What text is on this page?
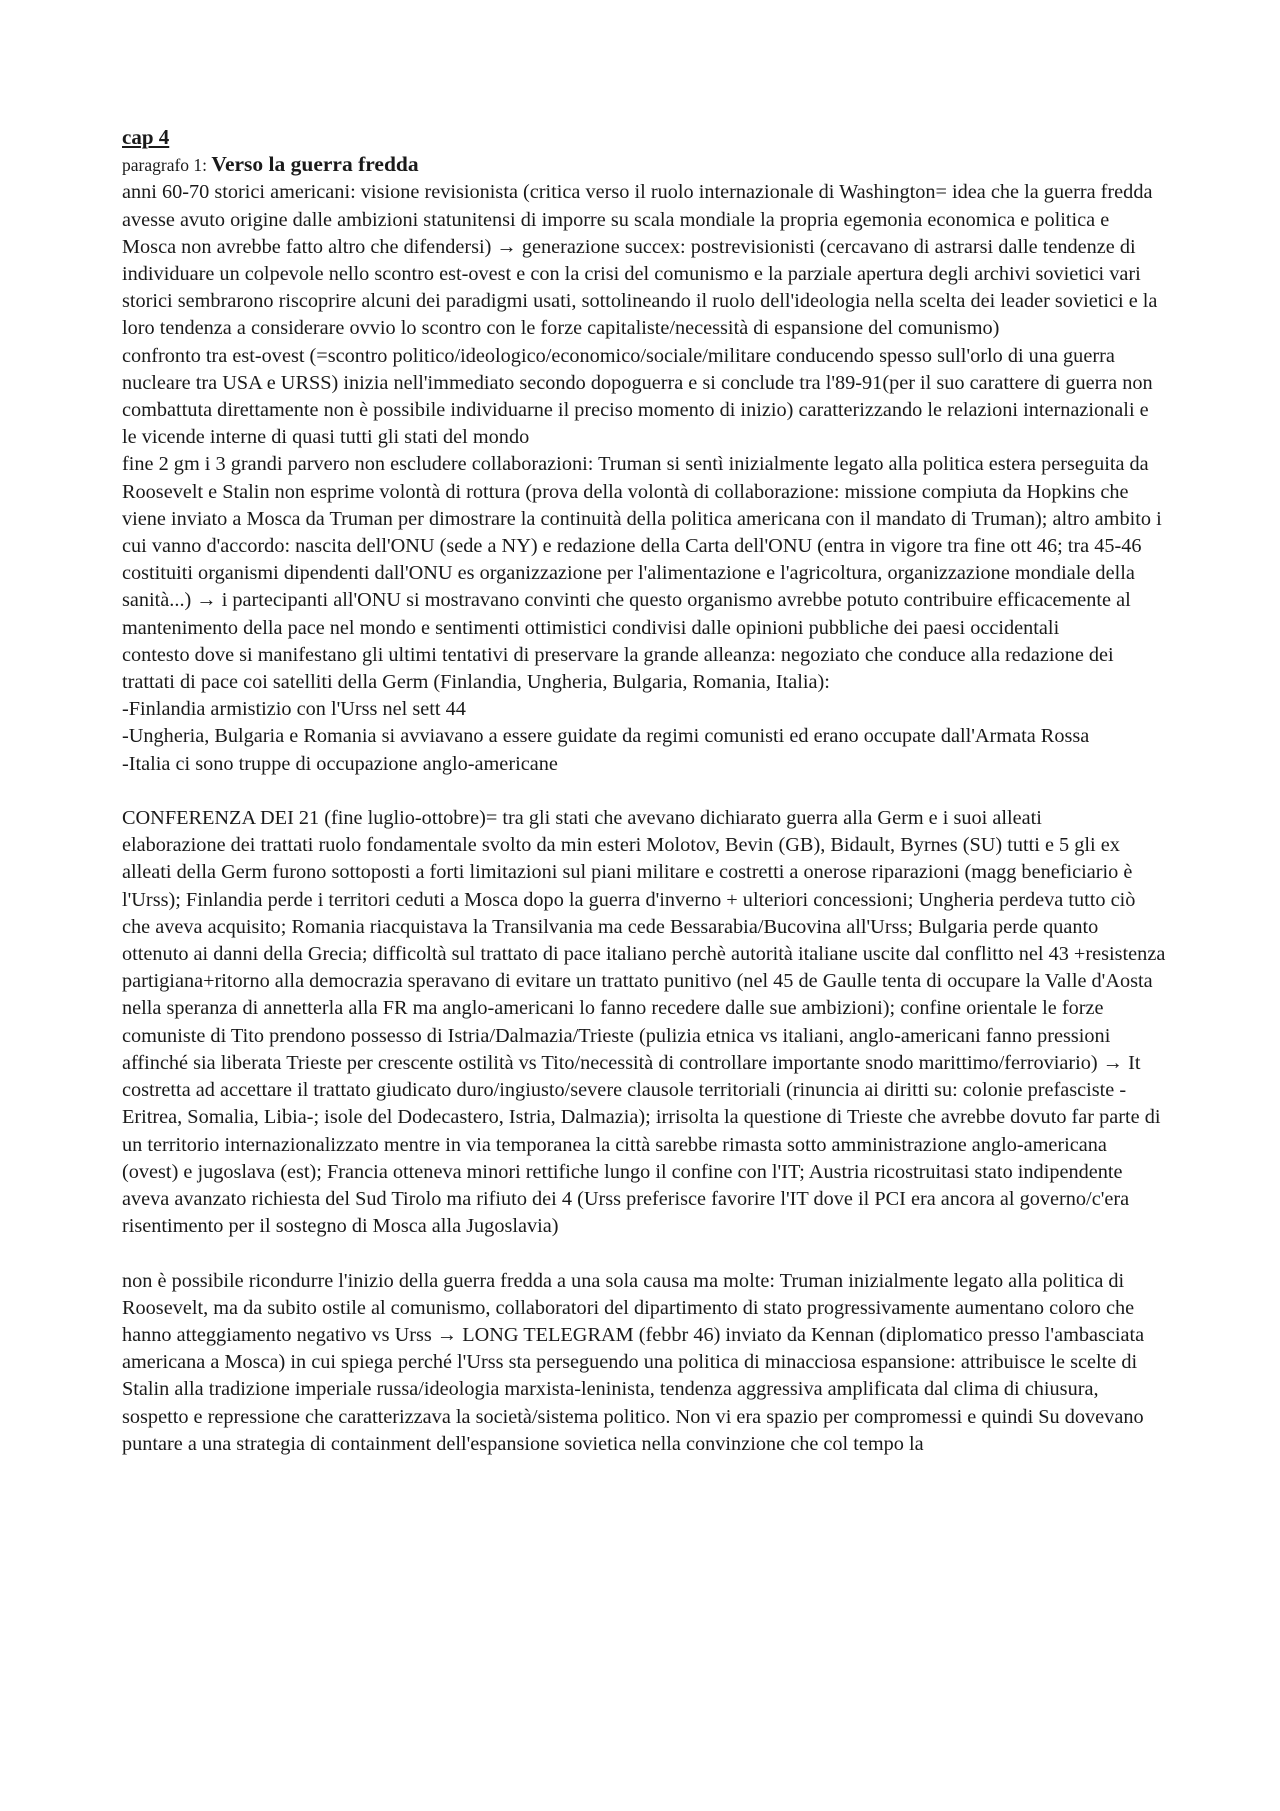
cap 4
paragrafo 1: Verso la guerra fredda

anni 60-70 storici americani: visione revisionista (critica verso il ruolo internazionale di Washington= idea che la guerra fredda avesse avuto origine dalle ambizioni statunitensi di imporre su scala mondiale la propria egemonia economica e politica e Mosca non avrebbe fatto altro che difendersi) → generazione succex: postrevisionisti (cercavano di astrarsi dalle tendenze di individuare un colpevole nello scontro est-ovest e con la crisi del comunismo e la parziale apertura degli archivi sovietici vari storici sembrarono riscoprire alcuni dei paradigmi usati, sottolineando il ruolo dell'ideologia nella scelta dei leader sovietici e la loro tendenza a considerare ovvio lo scontro con le forze capitaliste/necessità di espansione del comunismo)
confronto tra est-ovest (=scontro politico/ideologico/economico/sociale/militare conducendo spesso sull'orlo di una guerra nucleare tra USA e URSS) inizia nell'immediato secondo dopoguerra e si conclude tra l'89-91(per il suo carattere di guerra non combattuta direttamente non è possibile individuarne il preciso momento di inizio) caratterizzando le relazioni internazionali e le vicende interne di quasi tutti gli stati del mondo
fine 2 gm i 3 grandi parvero non escludere collaborazioni: Truman si sentì inizialmente legato alla politica estera perseguita da Roosevelt e Stalin non esprime volontà di rottura (prova della volontà di collaborazione: missione compiuta da Hopkins che viene inviato a Mosca da Truman per dimostrare la continuità della politica americana con il mandato di Truman); altro ambito i cui vanno d'accordo: nascita dell'ONU (sede a NY) e redazione della Carta dell'ONU (entra in vigore tra fine ott 46; tra 45-46 costituiti organismi dipendenti dall'ONU es organizzazione per l'alimentazione e l'agricoltura, organizzazione mondiale della sanità...) → i partecipanti all'ONU si mostravano convinti che questo organismo avrebbe potuto contribuire efficacemente al mantenimento della pace nel mondo e sentimenti ottimistici condivisi dalle opinioni pubbliche dei paesi occidentali
contesto dove si manifestano gli ultimi tentativi di preservare la grande alleanza: negoziato che conduce alla redazione dei trattati di pace coi satelliti della Germ (Finlandia, Ungheria, Bulgaria, Romania, Italia):
-Finlandia armistizio con l'Urss nel sett 44
-Ungheria, Bulgaria e Romania si avviavano a essere guidate da regimi comunisti ed erano occupate dall'Armata Rossa
-Italia ci sono truppe di occupazione anglo-americane

CONFERENZA DEI 21 (fine luglio-ottobre)= tra gli stati che avevano dichiarato guerra alla Germ e i suoi alleati
elaborazione dei trattati ruolo fondamentale svolto da min esteri Molotov, Bevin (GB), Bidault, Byrnes (SU) tutti e 5 gli ex alleati della Germ furono sottoposti a forti limitazioni sul piani militare e costretti a onerose riparazioni (magg beneficiario è l'Urss); Finlandia perde i territori ceduti a Mosca dopo la guerra d'inverno + ulteriori concessioni; Ungheria perdeva tutto ciò che aveva acquisito; Romania riacquistava la Transilvania ma cede Bessarabia/Bucovina all'Urss; Bulgaria perde quanto ottenuto ai danni della Grecia; difficoltà sul trattato di pace italiano perchè autorità italiane uscite dal conflitto nel 43 +resistenza partigiana+ritorno alla democrazia speravano di evitare un trattato punitivo (nel 45 de Gaulle tenta di occupare la Valle d'Aosta nella speranza di annetterla alla FR ma anglo-americani lo fanno recedere dalle sue ambizioni); confine orientale le forze comuniste di Tito prendono possesso di Istria/Dalmazia/Trieste (pulizia etnica vs italiani, anglo-americani fanno pressioni affinché sia liberata Trieste per crescente ostilità vs Tito/necessità di controllare importante snodo marittimo/ferroviario) → It costretta ad accettare il trattato giudicato duro/ingiusto/severe clausole territoriali (rinuncia ai diritti su: colonie prefasciste -Eritrea, Somalia, Libia-; isole del Dodecastero, Istria, Dalmazia); irrisolta la questione di Trieste che avrebbe dovuto far parte di un territorio internazionalizzato mentre in via temporanea la città sarebbe rimasta sotto amministrazione anglo-americana (ovest) e jugoslava (est); Francia otteneva minori rettifiche lungo il confine con l'IT; Austria ricostruitasi stato indipendente aveva avanzato richiesta del Sud Tirolo ma rifiuto dei 4 (Urss preferisce favorire l'IT dove il PCI era ancora al governo/c'era risentimento per il sostegno di Mosca alla Jugoslavia)

non è possibile ricondurre l'inizio della guerra fredda a una sola causa ma molte: Truman inizialmente legato alla politica di Roosevelt, ma da subito ostile al comunismo, collaboratori del dipartimento di stato progressivamente aumentano coloro che hanno atteggiamento negativo vs Urss → LONG TELEGRAM (febbr 46) inviato da Kennan (diplomatico presso l'ambasciata americana a Mosca) in cui spiega perché l'Urss sta perseguendo una politica di minacciosa espansione: attribuisce le scelte di Stalin alla tradizione imperiale russa/ideologia marxista-leninista, tendenza aggressiva amplificata dal clima di chiusura, sospetto e repressione che caratterizzava la società/sistema politico. Non vi era spazio per compromessi e quindi Su dovevano puntare a una strategia di containment dell'espansione sovietica nella convinzione che col tempo la
